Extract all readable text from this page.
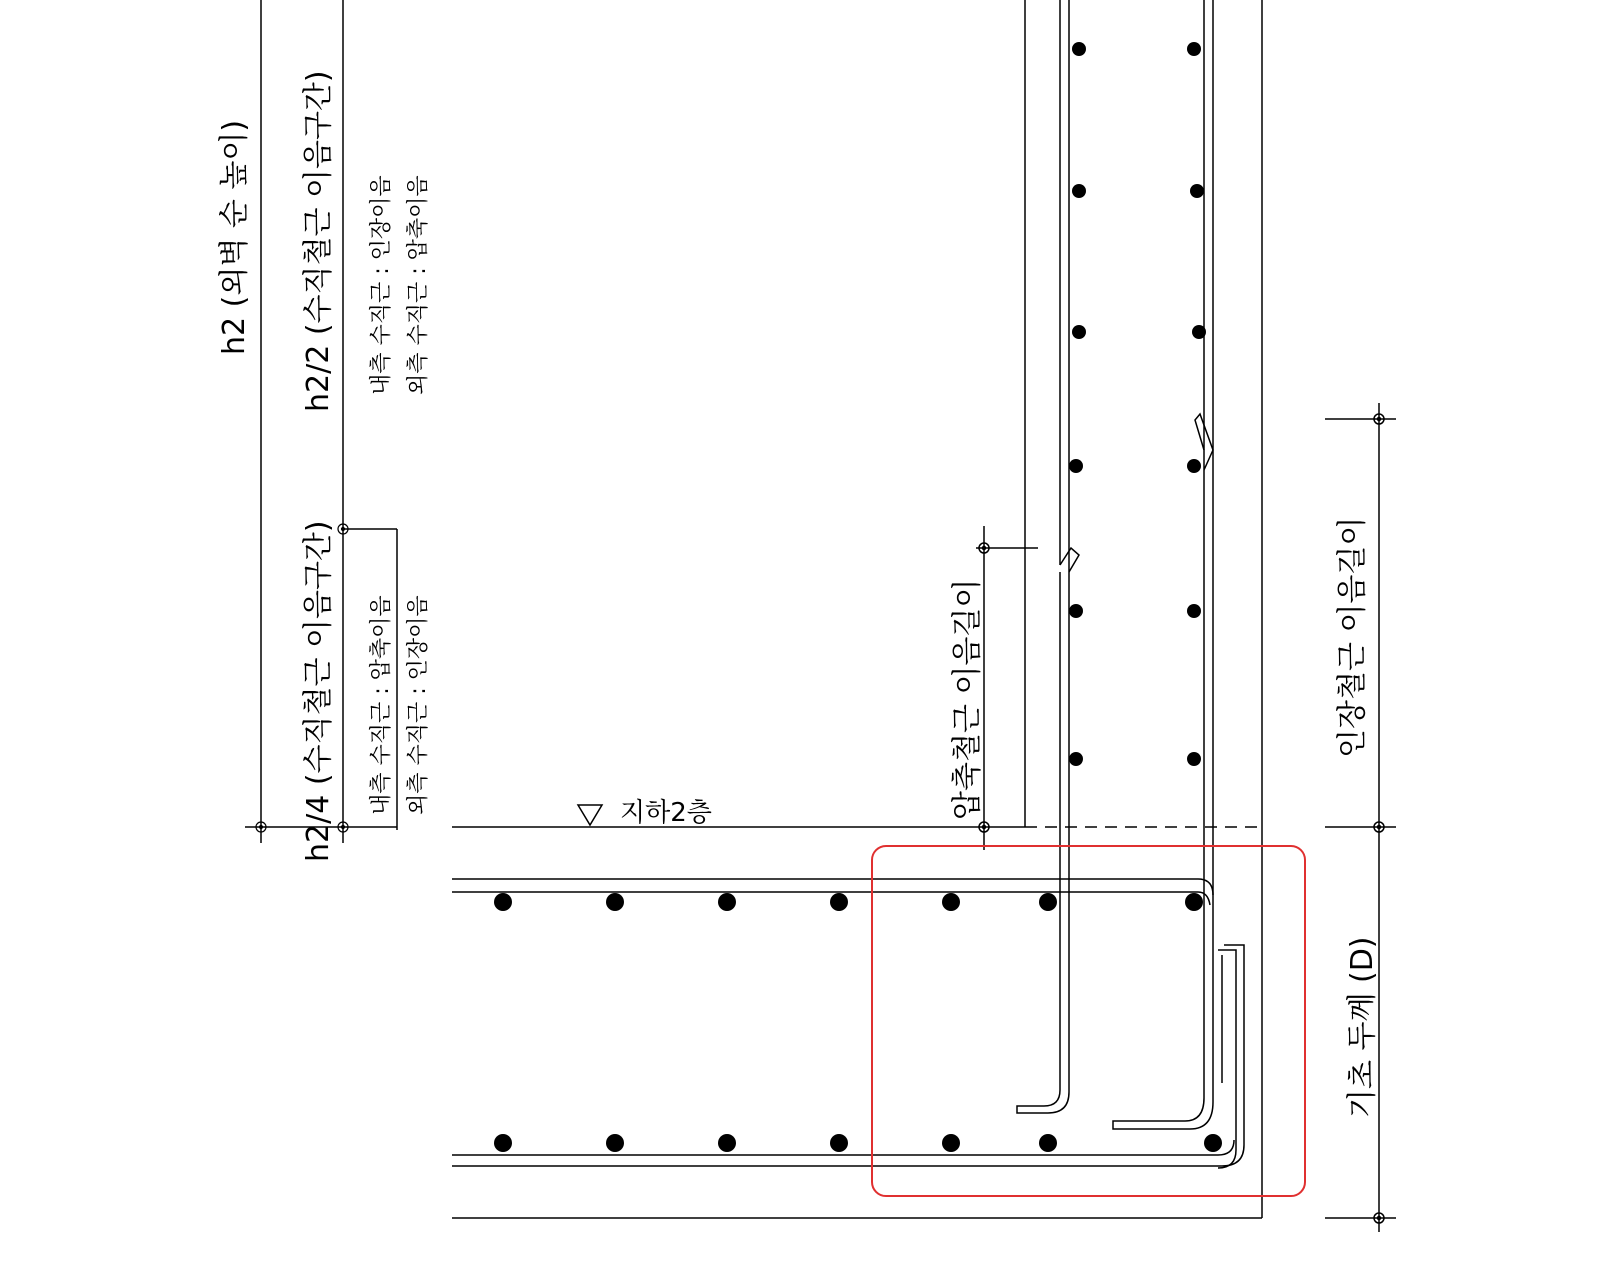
h2 (외벽 순 높이) h2/2 (수직철근 이음구간) 내측 수직근 : 인장이음 외측 수직근 : 압축이음
h2/4 (수직철근 이음구간) 내측 수직근 : 압축이음 외측 수직근 : 인장이음	압축철근 이음길이	인장철근 이음길이
기초 두께 (D)
지하2층
